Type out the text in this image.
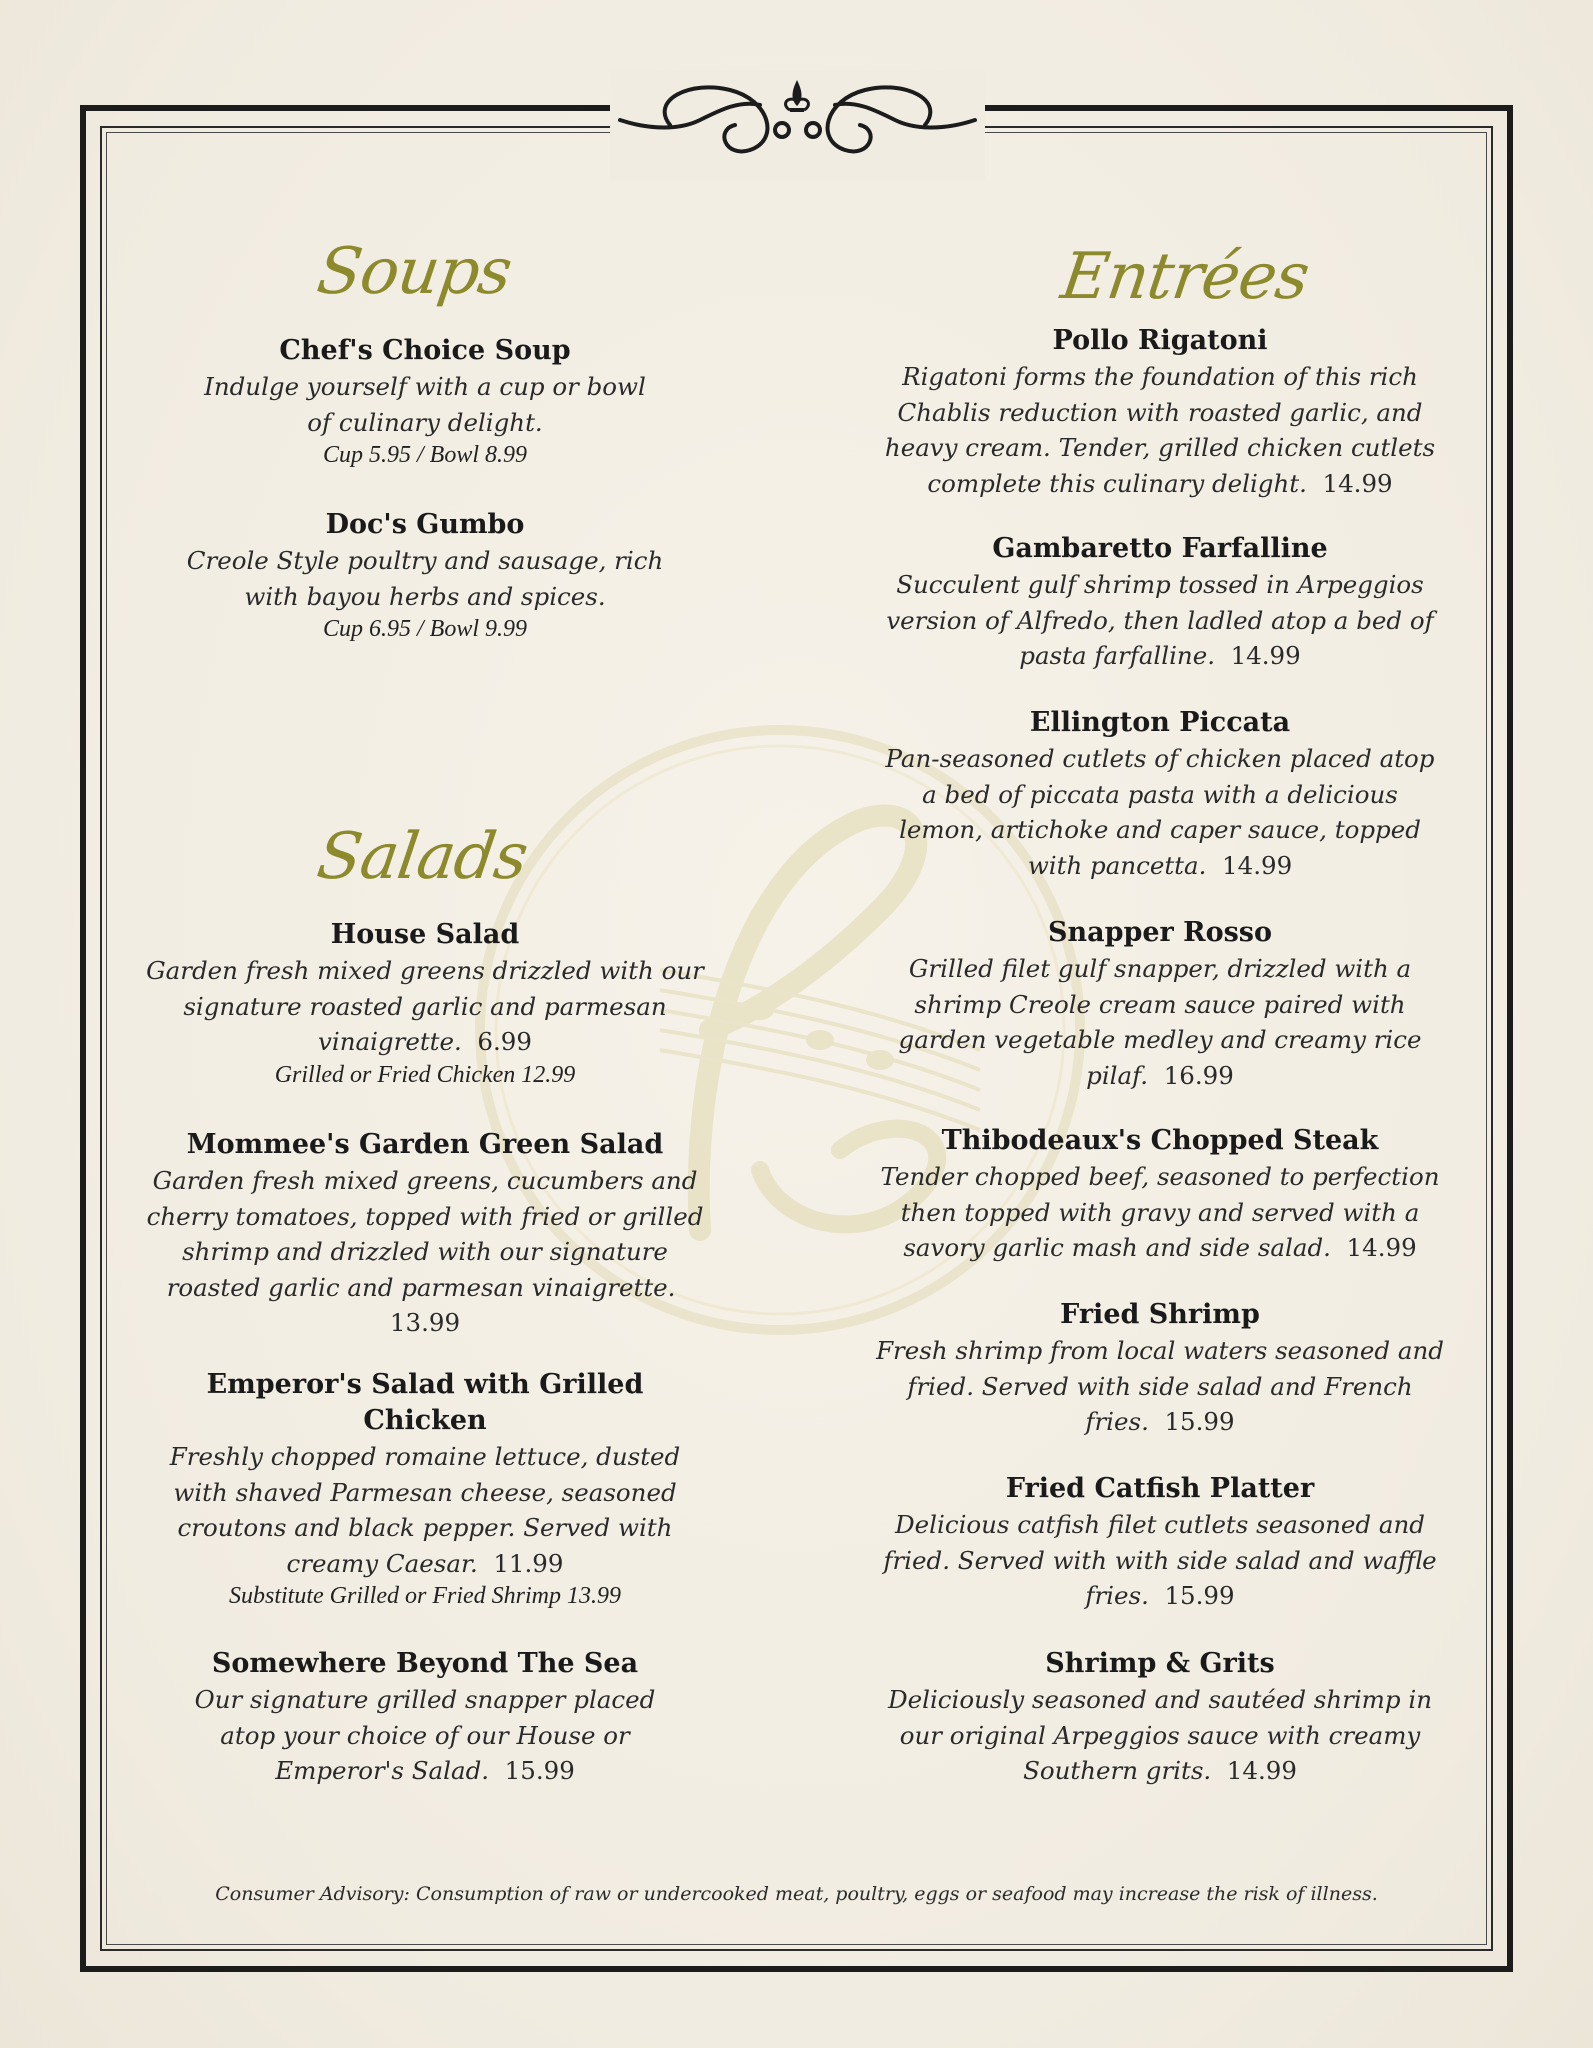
Soups
Salads
Entrées

Chef's Choice Soup

Indulge yourself with a cup or bowl of culinary delight.

Cup 5.95 / Bowl 8.99

Doc's Gumbo

Creole Style poultry and sausage, rich with bayou herbs and spices.

Cup 6.95 / Bowl 9.99

House Salad

Garden fresh mixed greens drizzled with our signature roasted garlic and parmesan vinaigrette. 6.99

Grilled or Fried Chicken 12.99

Mommee's Garden Green Salad

Garden fresh mixed greens, cucumbers and cherry tomatoes, topped with fried or grilled shrimp and drizzled with our signature roasted garlic and parmesan vinaigrette.  13.99

Emperor's Salad with Grilled Chicken

Freshly chopped romaine lettuce, dusted with shaved Parmesan cheese, seasoned croutons and black pepper. Served with creamy Caesar. 11.99

Substitute Grilled or Fried Shrimp 13.99

Somewhere Beyond The Sea

Our signature grilled snapper placed atop your choice of our House or Emperor's Salad. 15.99

Pollo Rigatoni

Rigatoni forms the foundation of this rich Chablis reduction with roasted garlic, and heavy cream. Tender, grilled chicken cutlets complete this culinary delight. 14.99

Gambaretto Farfalline

Succulent gulf shrimp tossed in Arpeggios version of Alfredo, then ladled atop a bed of pasta farfalline. 14.99

Ellington Piccata

Pan-seasoned cutlets of chicken placed atop a bed of piccata pasta with a delicious lemon, artichoke and caper sauce, topped with pancetta. 14.99

Snapper Rosso

Grilled filet gulf snapper, drizzled with a shrimp Creole cream sauce paired with garden vegetable medley and creamy rice pilaf. 16.99

Thibodeaux's Chopped Steak

Tender chopped beef, seasoned to perfection then topped with gravy and served with a savory garlic mash and side salad. 14.99

Fried Shrimp

Fresh shrimp from local waters seasoned and fried. Served with side salad and French fries. 15.99

Fried Catfish Platter

Delicious catfish filet cutlets seasoned and fried. Served with with side salad and waffle fries. 15.99

Shrimp & Grits

Deliciously seasoned and sautéed shrimp in our original Arpeggios sauce with creamy Southern grits. 14.99

Consumer Advisory: Consumption of raw or undercooked meat, poultry, eggs or seafood may increase the risk of illness.
